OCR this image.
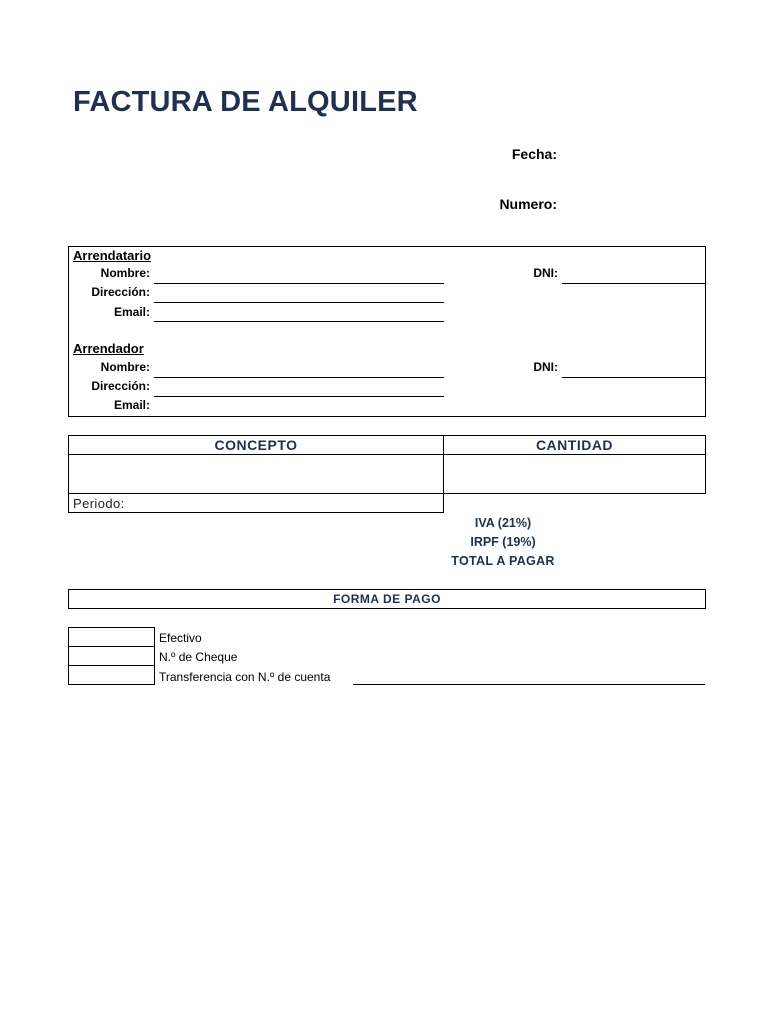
FACTURA DE ALQUILER
Fecha:
Numero:
Arrendatario
Nombre:
Dirección:
Email:
DNI:
Arrendador
Nombre:
Dirección:
Email:
DNI:
CONCEPTO	CANTIDAD
Periodo:
IVA (21%)
IRPF (19%)
TOTAL A PAGAR
FORMA DE PAGO
Efectivo
N.º de Cheque
Transferencia con N.º de cuenta
